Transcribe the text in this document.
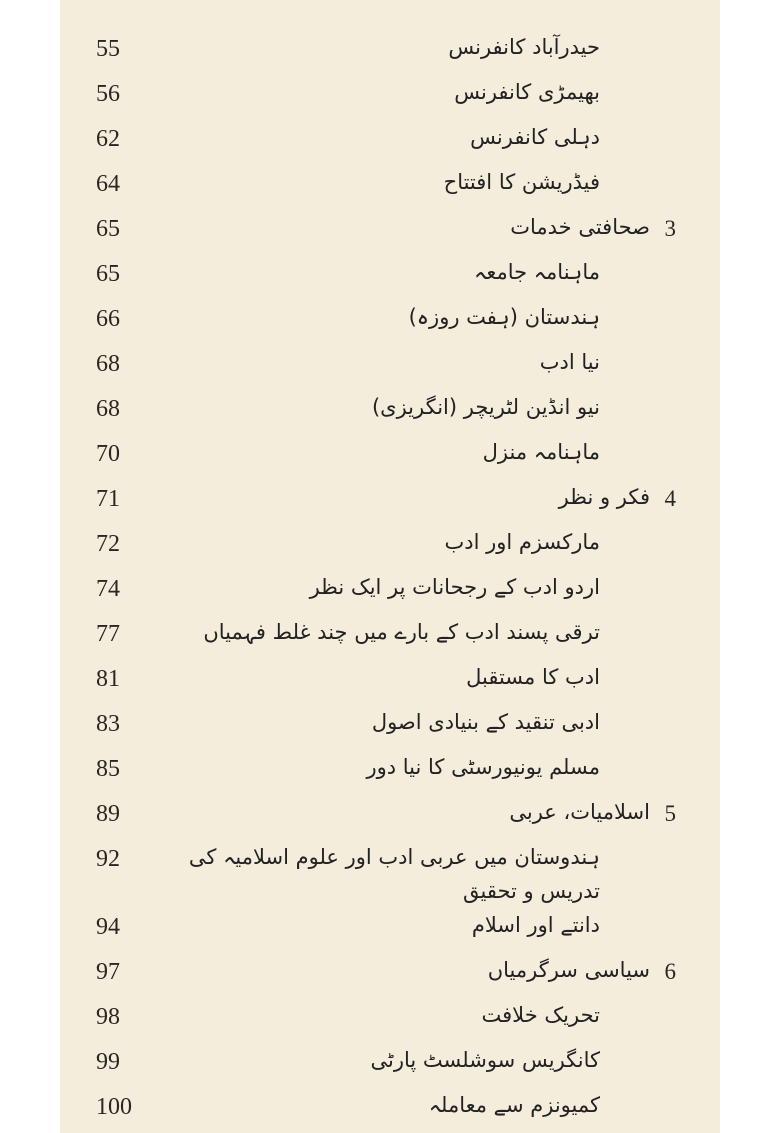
55	حیدرآباد کانفرنس
56	بھیمڑی کانفرنس
62	دہلی کانفرنس
64	فیڈریشن کا افتتاح
65	صحافتی خدمات 3
65	ماہنامہ جامعہ
66	ہندستان (ہفت روزہ)
68	نیا ادب
68	نیو انڈین لٹریچر (انگریزی)
70	ماہنامہ منزل
71	فکر و نظر 4
72	مارکسزم اور ادب
74	اردو ادب کے رجحانات پر ایک نظر
77	ترقی پسند ادب کے بارے میں چند غلط فہمیاں
81	ادب کا مستقبل
83	ادبی تنقید کے بنیادی اصول
85	مسلم یونیورسٹی کا نیا دور
89	اسلامیات، عربی 5
92	ہندوستان میں عربی ادب اور علوم اسلامیہ کی تدریس و تحقیق
94	دانتے اور اسلام
97	سیاسی سرگرمیاں 6
98	تحریک خلافت
99	کانگریس سوشلسٹ پارٹی
100	کمیونزم سے معاملہ
